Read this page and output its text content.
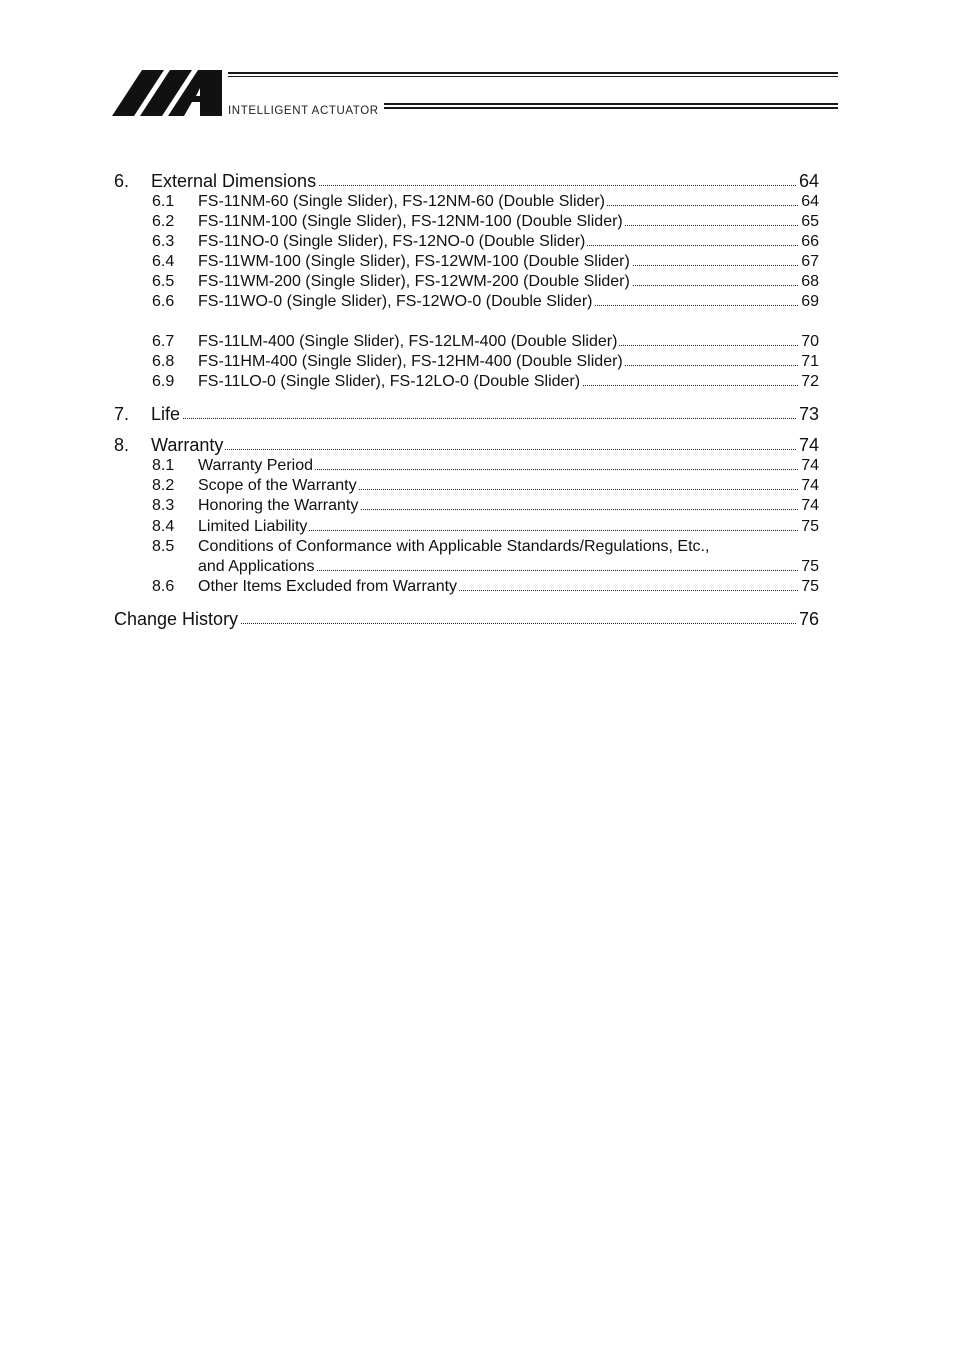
INTELLIGENT ACTUATOR
6. External Dimensions	64
6.1 FS-11NM-60 (Single Slider), FS-12NM-60 (Double Slider)	64
6.2 FS-11NM-100 (Single Slider), FS-12NM-100 (Double Slider)	65
6.3 FS-11NO-0 (Single Slider), FS-12NO-0 (Double Slider)	66
6.4 FS-11WM-100 (Single Slider), FS-12WM-100 (Double Slider)	67
6.5 FS-11WM-200 (Single Slider), FS-12WM-200 (Double Slider)	68
6.6 FS-11WO-0 (Single Slider), FS-12WO-0 (Double Slider)	69
6.7 FS-11LM-400 (Single Slider), FS-12LM-400 (Double Slider)	70
6.8 FS-11HM-400 (Single Slider), FS-12HM-400 (Double Slider)	71
6.9 FS-11LO-0 (Single Slider), FS-12LO-0 (Double Slider)	72
7. Life	73
8. Warranty	74
8.1 Warranty Period	74
8.2 Scope of the Warranty	74
8.3 Honoring the Warranty	74
8.4 Limited Liability	75
8.5 Conditions of Conformance with Applicable Standards/Regulations, Etc.,
and Applications	75
8.6 Other Items Excluded from Warranty	75
Change History	76
